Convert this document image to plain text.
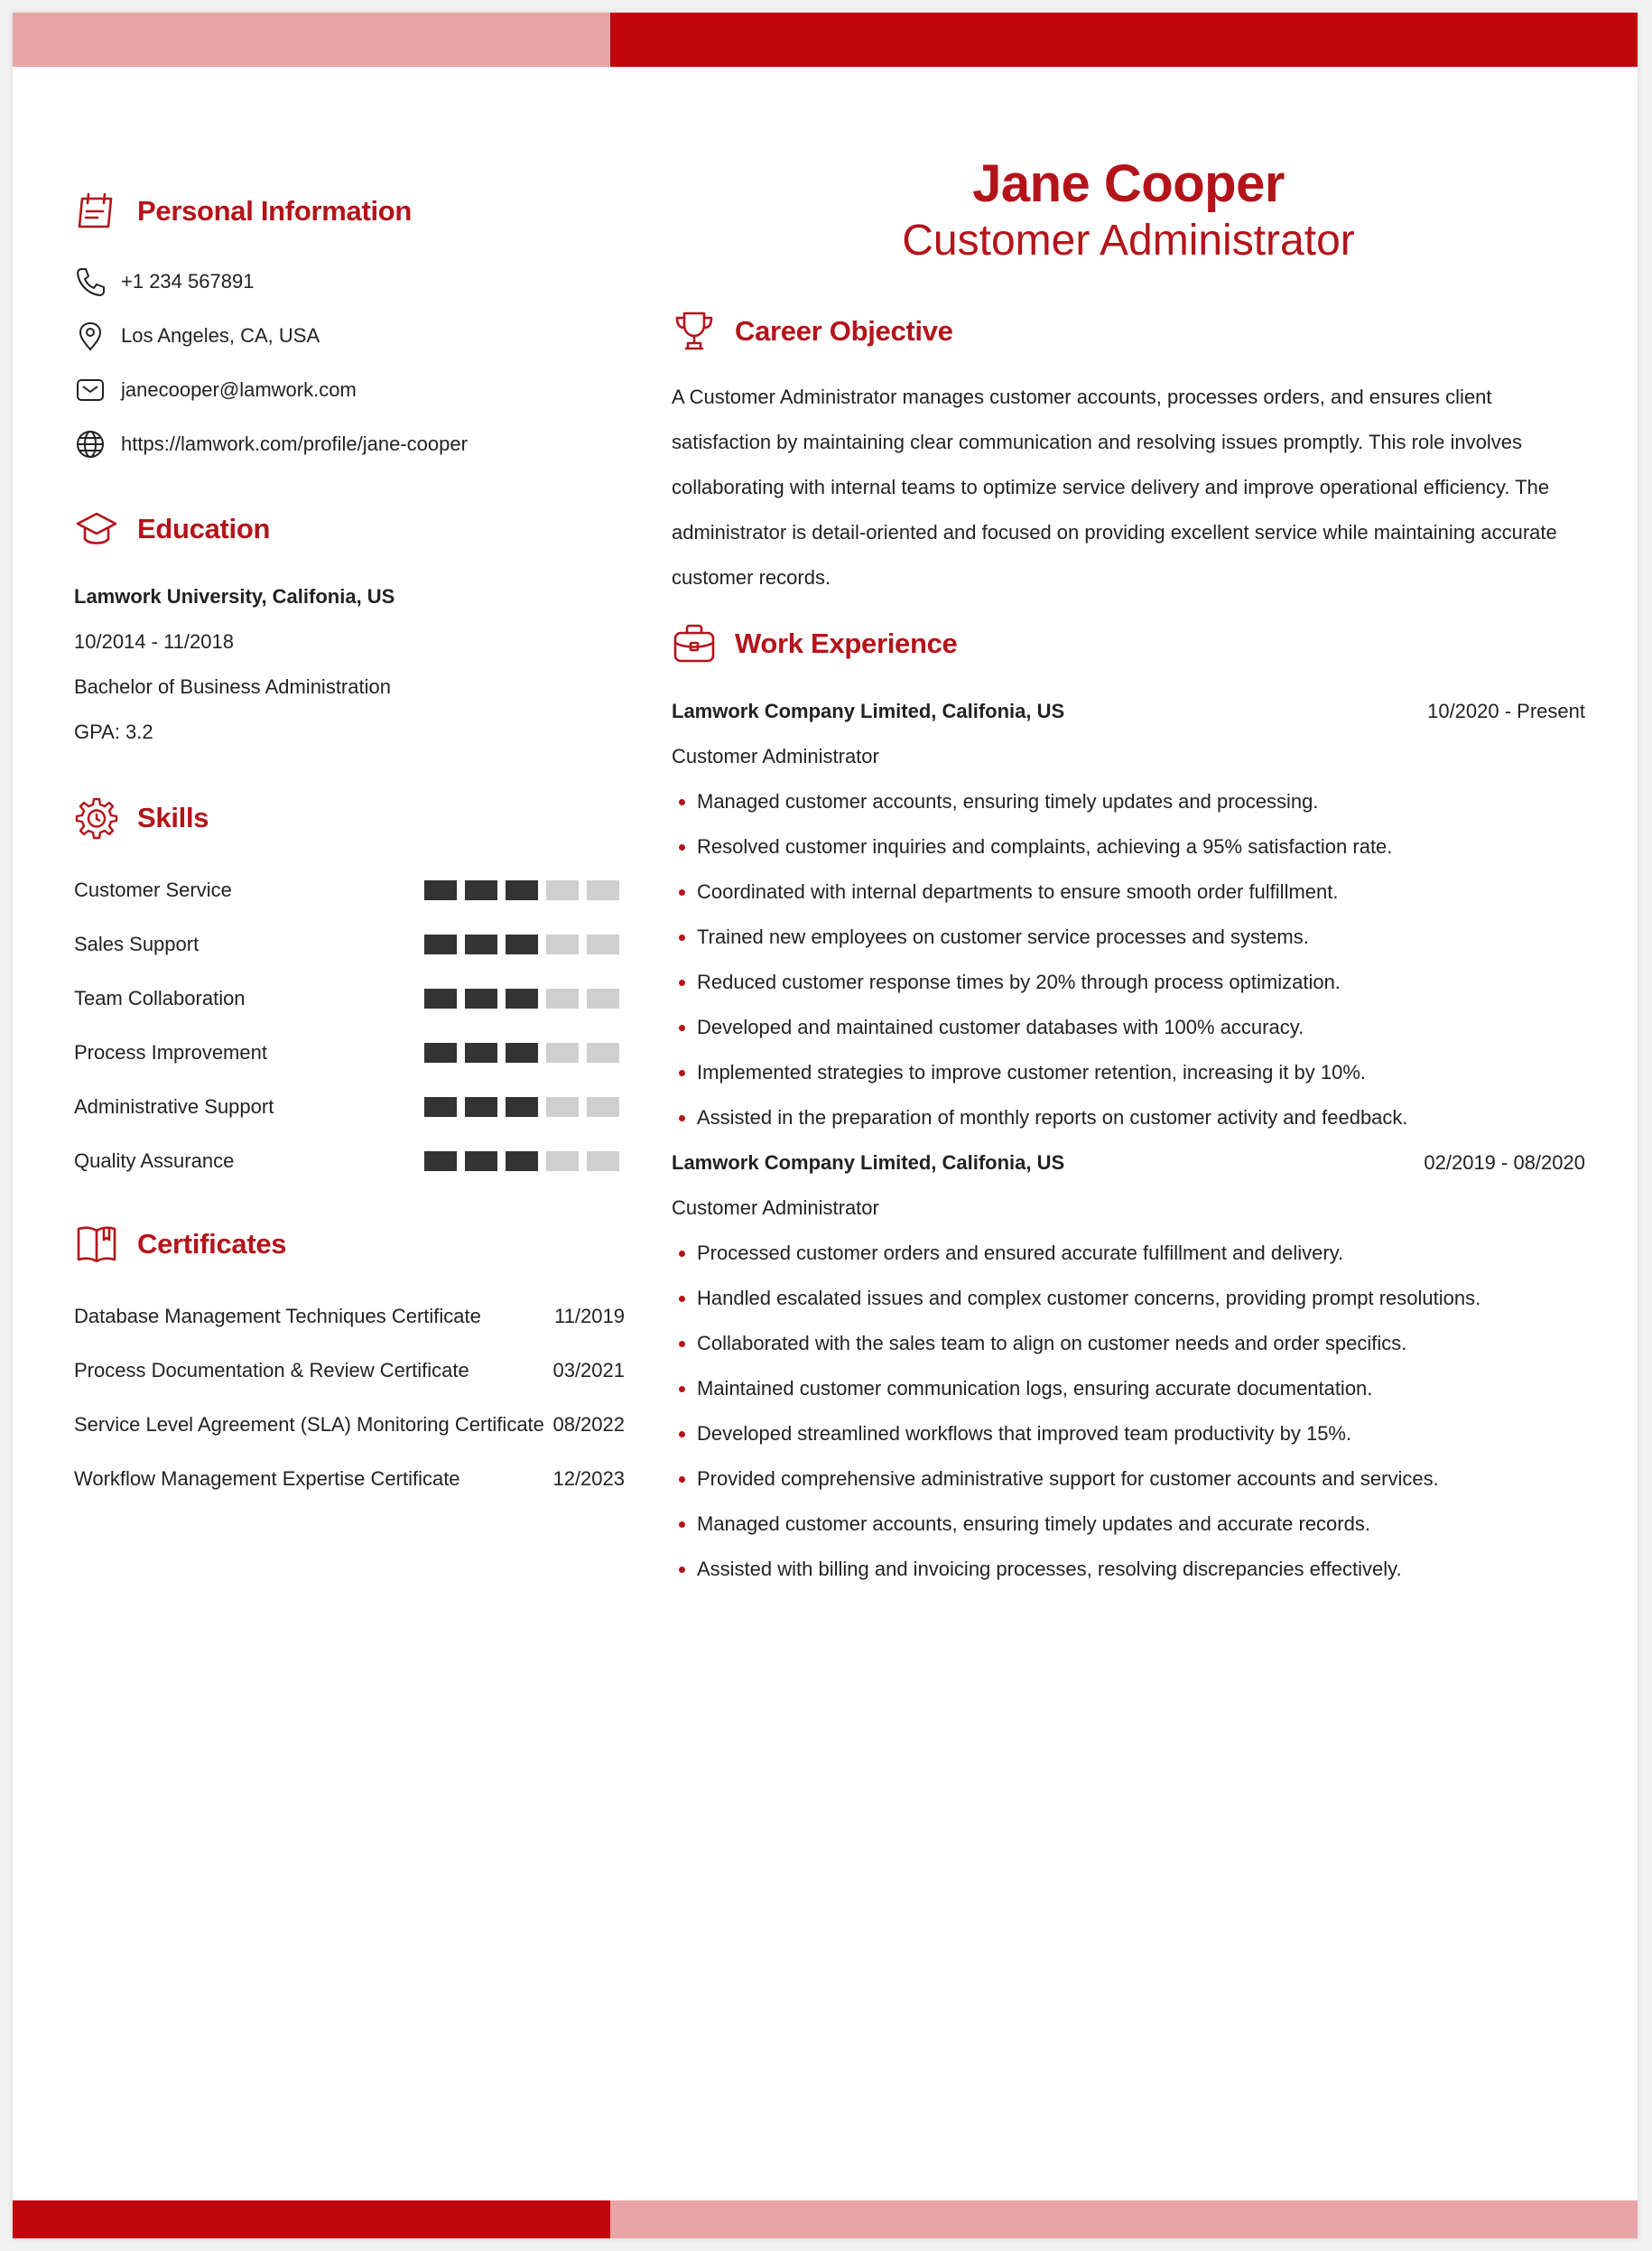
Personal Information
+1 234 567891
Los Angeles, CA, USA
janecooper@lamwork.com
https://lamwork.com/profile/jane-cooper
Education
Lamwork University, Califonia, US
10/2014 - 11/2018
Bachelor of Business Administration
GPA: 3.2
Skills
Customer Service
Sales Support
Team Collaboration
Process Improvement
Administrative Support
Quality Assurance
Certificates
Database Management Techniques Certificate	11/2019
Process Documentation & Review Certificate	03/2021
Service Level Agreement (SLA) Monitoring Certificate 08/2022
Workflow Management Expertise Certificate	12/2023
Jane Cooper
Customer Administrator
Career Objective
A Customer Administrator manages customer accounts, processes orders, and ensures client satisfaction by maintaining clear communication and resolving issues promptly. This role involves collaborating with internal teams to optimize service delivery and improve operational efficiency. The administrator is detail-oriented and focused on providing excellent service while maintaining accurate customer records.
Work Experience
Lamwork Company Limited, Califonia, US	10/2020 - Present
Customer Administrator
Managed customer accounts, ensuring timely updates and processing.
Resolved customer inquiries and complaints, achieving a 95% satisfaction rate.
Coordinated with internal departments to ensure smooth order fulfillment.
Trained new employees on customer service processes and systems.
Reduced customer response times by 20% through process optimization.
Developed and maintained customer databases with 100% accuracy.
Implemented strategies to improve customer retention, increasing it by 10%.
Assisted in the preparation of monthly reports on customer activity and feedback.
Lamwork Company Limited, Califonia, US	02/2019 - 08/2020
Customer Administrator
Processed customer orders and ensured accurate fulfillment and delivery.
Handled escalated issues and complex customer concerns, providing prompt resolutions.
Collaborated with the sales team to align on customer needs and order specifics.
Maintained customer communication logs, ensuring accurate documentation.
Developed streamlined workflows that improved team productivity by 15%.
Provided comprehensive administrative support for customer accounts and services.
Managed customer accounts, ensuring timely updates and accurate records.
Assisted with billing and invoicing processes, resolving discrepancies effectively.
